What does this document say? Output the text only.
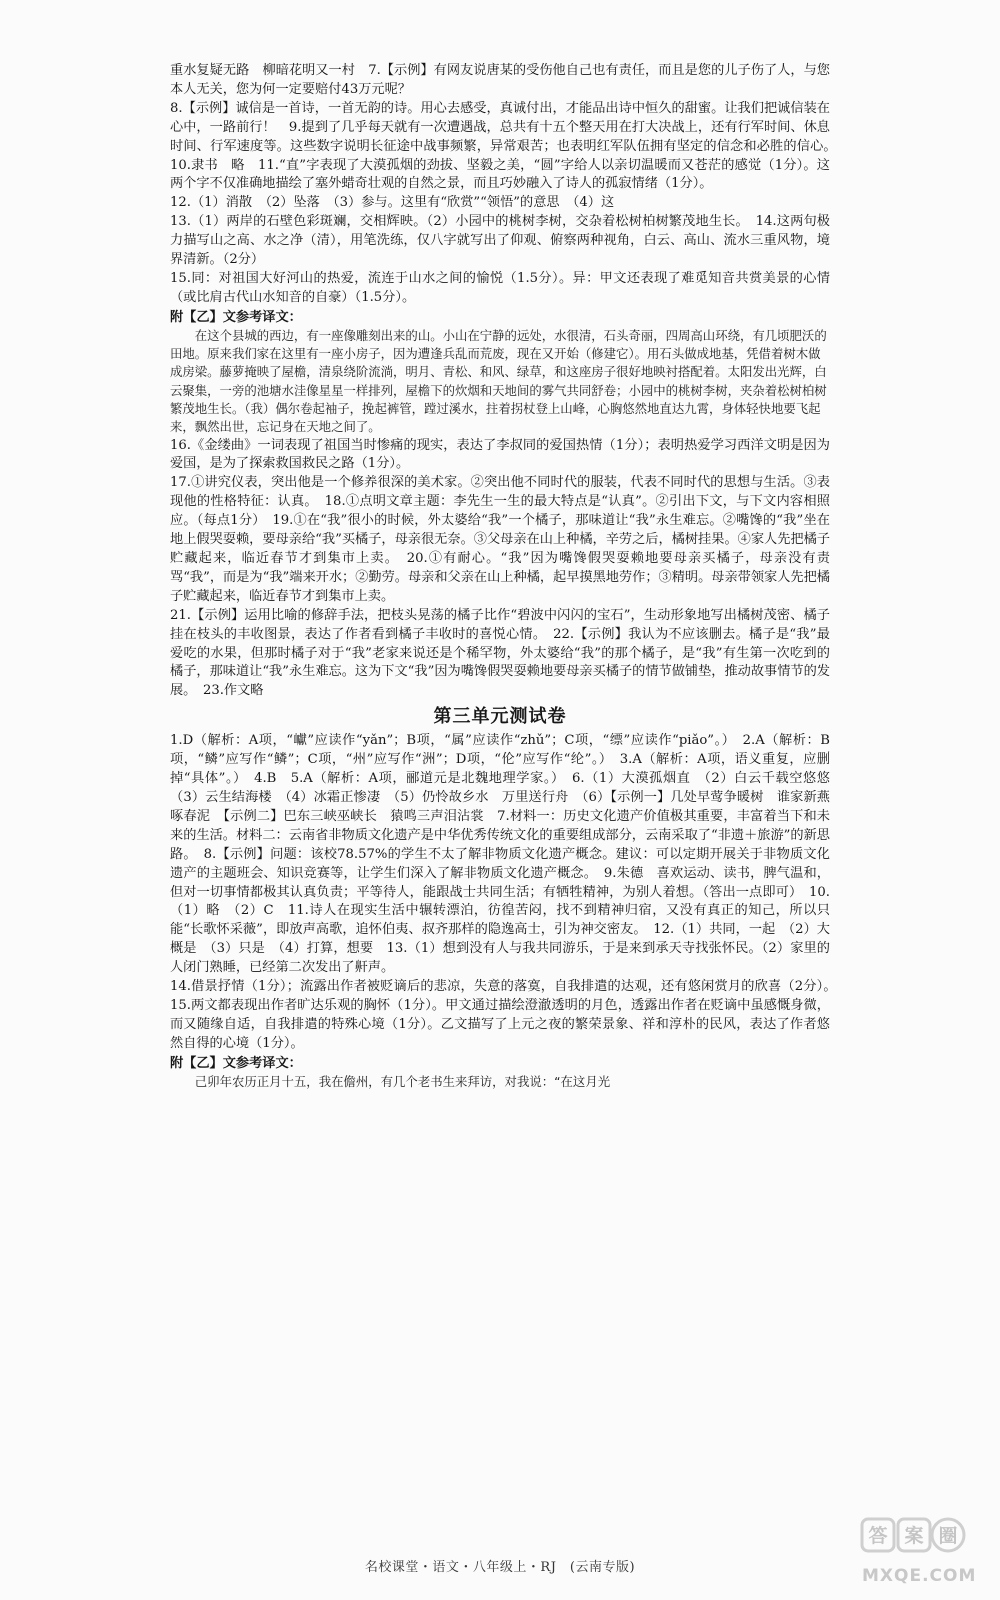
重水复疑无路　柳暗花明又一村　7.【示例】有网友说唐某的受伤他自己也有责任，而且是您的儿子伤了人，与您本人无关，您为何一定要赔付43万元呢？

8.【示例】诚信是一首诗，一首无韵的诗。用心去感受，真诚付出，才能品出诗中恒久的甜蜜。让我们把诚信装在心中，一路前行！　9.提到了几乎每天就有一次遭遇战，总共有十五个整天用在打大决战上，还有行军时间、休息时间、行军速度等。这些数字说明长征途中战事频繁，异常艰苦；也表明红军队伍拥有坚定的信念和必胜的信心。　10.隶书　略　11.“直”字表现了大漠孤烟的劲拔、坚毅之美，“圆”字给人以亲切温暖而又苍茫的感觉（1分）。这两个字不仅准确地描绘了塞外蜡奇壮观的自然之景，而且巧妙融入了诗人的孤寂情绪（1分）。

12.（1）消散　（2）坠落　（3）参与。这里有“欣赏”“领悟”的意思　（4）这

13.（1）两岸的石壁色彩斑斓，交相辉映。（2）小园中的桃树李树，交杂着松树柏树繁茂地生长。　14.这两句极力描写山之高、水之净（清），用笔洗练，仅八字就写出了仰观、俯察两种视角，白云、高山、流水三重风物，境界清新。（2分）

15.同：对祖国大好河山的热爱，流连于山水之间的愉悦（1.5分）。异：甲文还表现了难觅知音共赏美景的心情（或比肩古代山水知音的自豪）（1.5分）。

附【乙】文参考译文：

在这个县城的西边，有一座像雕刻出来的山。小山在宁静的远处，水很清，石头奇丽，四周高山环绕，有几顷肥沃的田地。原来我们家在这里有一座小房子，因为遭逢兵乱而荒废，现在又开始（修建它）。用石头做成地基，凭借着树木做成房梁。藤萝掩映了屋檐，清泉绕阶流淌，明月、青松、和风、绿草，和这座房子很好地映衬搭配着。太阳发出光辉，白云聚集，一旁的池塘水洼像星星一样排列，屋檐下的炊烟和天地间的雾气共同舒卷；小园中的桃树李树，夹杂着松树柏树繁茂地生长。（我）偶尔卷起袖子，挽起裤管，蹚过溪水，拄着拐杖登上山峰，心胸悠然地直达九霄，身体轻快地要飞起来，飘然出世，忘记身在天地之间了。

16.《金缕曲》一词表现了祖国当时惨痛的现实，表达了李叔同的爱国热情（1分）；表明热爱学习西洋文明是因为爱国，是为了探索救国救民之路（1分）。

17.①讲究仪表，突出他是一个修养很深的美术家。②突出他不同时代的服装，代表不同时代的思想与生活。③表现他的性格特征：认真。　18.①点明文章主题：李先生一生的最大特点是“认真”。②引出下文，与下文内容相照应。（每点1分）　19.①在“我”很小的时候，外太婆给“我”一个橘子，那味道让“我”永生难忘。②嘴馋的“我”坐在地上假哭耍赖，要母亲给“我”买橘子，母亲很无奈。③父母亲在山上种橘，辛劳之后，橘树挂果。④家人先把橘子贮藏起来，临近春节才到集市上卖。　20.①有耐心。“我”因为嘴馋假哭耍赖地要母亲买橘子，母亲没有责骂“我”，而是为“我”端来开水；②勤劳。母亲和父亲在山上种橘，起早摸黑地劳作；③精明。母亲带领家人先把橘子贮藏起来，临近春节才到集市上卖。

21.【示例】运用比喻的修辞手法，把枝头晃荡的橘子比作“碧波中闪闪的宝石”，生动形象地写出橘树茂密、橘子挂在枝头的丰收图景，表达了作者看到橘子丰收时的喜悦心情。　22.【示例】我认为不应该删去。橘子是“我”最爱吃的水果，但那时橘子对于“我”老家来说还是个稀罕物，外太婆给“我”的那个橘子，是“我”有生第一次吃到的橘子，那味道让“我”永生难忘。这为下文“我”因为嘴馋假哭耍赖地要母亲买橘子的情节做铺垫，推动故事情节的发展。　23.作文略

第三单元测试卷

1.D（解析：A项，“巘”应读作“yǎn”；B项，“属”应读作“zhǔ”；C项，“缥”应读作“piǎo”。）　2.A（解析：B项，“鳞”应写作“鳞”；C项，“州”应写作“洲”；D项，“伦”应写作“纶”。）　3.A（解析：A项，语义重复，应删掉“具体”。）　4.B　5.A（解析：A项，郦道元是北魏地理学家。）　6.（1）大漠孤烟直　（2）白云千载空悠悠　（3）云生结海楼　（4）冰霜正惨凄　（5）仍怜故乡水　万里送行舟　（6）【示例一】几处早莺争暖树　谁家新燕啄春泥　【示例二】巴东三峡巫峡长　猿鸣三声泪沾裳　7.材料一：历史文化遗产价值极其重要，丰富着当下和未来的生活。材料二：云南省非物质文化遗产是中华优秀传统文化的重要组成部分，云南采取了“非遗＋旅游”的新思路。　8.【示例】问题：该校78.57%的学生不太了解非物质文化遗产概念。建议：可以定期开展关于非物质文化遗产的主题班会、知识竞赛等，让学生们深入了解非物质文化遗产概念。　9.朱德　喜欢运动、读书，脾气温和，但对一切事情都极其认真负责；平等待人，能跟战士共同生活；有牺牲精神，为别人着想。（答出一点即可）　10.（1）略　（2）C　11.诗人在现实生活中辗转漂泊，彷徨苦闷，找不到精神归宿，又没有真正的知己，所以只能“长歌怀采薇”，即放声高歌，追怀伯夷、叔齐那样的隐逸高士，引为神交密友。　12.（1）共同，一起　（2）大概是　（3）只是　（4）打算，想要　13.（1）想到没有人与我共同游乐，于是来到承天寺找张怀民。（2）家里的人闭门熟睡，已经第二次发出了鼾声。

14.借景抒情（1分）；流露出作者被贬谪后的悲凉，失意的落寞，自我排遣的达观，还有悠闲赏月的欣喜（2分）。　15.两文都表现出作者旷达乐观的胸怀（1分）。甲文通过描绘澄澈透明的月色，透露出作者在贬谪中虽感慨身微，而又随缘自适，自我排遣的特殊心境（1分）。乙文描写了上元之夜的繁荣景象、祥和淳朴的民风，表达了作者悠然自得的心境（1分）。

附【乙】文参考译文：

己卯年农历正月十五，我在儋州，有几个老书生来拜访，对我说：“在这月光

名校课堂・语文・八年级上・RJ　(云南专版)
答 案 圈
MXQE.COM
